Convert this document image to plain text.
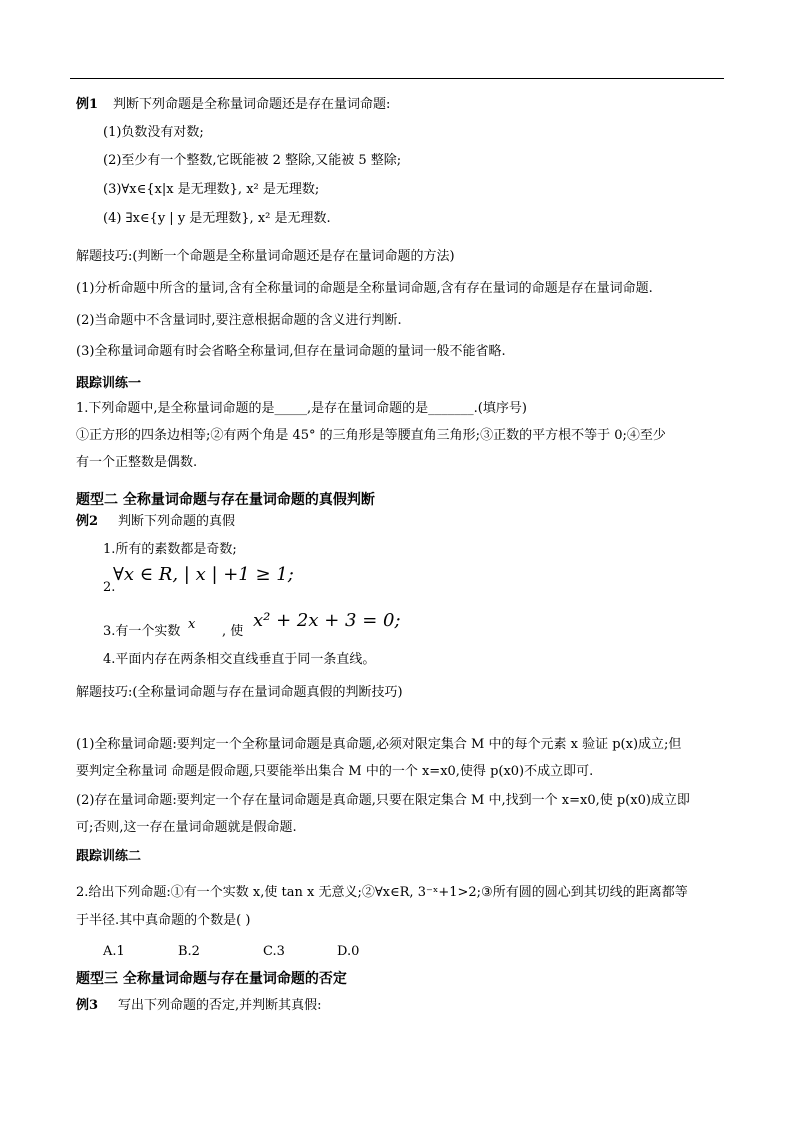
例1 判断下列命题是全称量词命题还是存在量词命题:
(1)负数没有对数;
(2)至少有一个整数,它既能被 2 整除,又能被 5 整除;
(3)∀x∈{x|x 是无理数}, x² 是无理数;
(4) ∃x∈{y | y 是无理数}, x² 是无理数.
解题技巧:(判断一个命题是全称量词命题还是存在量词命题的方法)
(1)分析命题中所含的量词,含有全称量词的命题是全称量词命题,含有存在量词的命题是存在量词命题.
(2)当命题中不含量词时,要注意根据命题的含义进行判断.
(3)全称量词命题有时会省略全称量词,但存在量词命题的量词一般不能省略.
跟踪训练一
1.下列命题中,是全称量词命题的是_____,是存在量词命题的是_______.(填序号)
①正方形的四条边相等;②有两个角是 45° 的三角形是等腰直角三角形;③正数的平方根不等于 0;④至少
有一个正整数是偶数.
题型二 全称量词命题与存在量词命题的真假判断
例2 判断下列命题的真假
1.所有的素数都是奇数;
2.
∀x ∈ R, | x | +1 ≥ 1;
3.有一个实数 x , 使
x² + 2x + 3 = 0;
4.平面内存在两条相交直线垂直于同一条直线。
解题技巧:(全称量词命题与存在量词命题真假的判断技巧)
(1)全称量词命题:要判定一个全称量词命题是真命题,必须对限定集合 M 中的每个元素 x 验证 p(x)成立;但
要判定全称量词 命题是假命题,只要能举出集合 M 中的一个 x=x0,使得 p(x0)不成立即可.
(2)存在量词命题:要判定一个存在量词命题是真命题,只要在限定集合 M 中,找到一个 x=x0,使 p(x0)成立即
可;否则,这一存在量词命题就是假命题.
跟踪训练二
2.给出下列命题:①有一个实数 x,使 tan x 无意义;②∀x∈R, 3⁻ˣ+1>2;③所有圆的圆心到其切线的距离都等
于半径.其中真命题的个数是( )
A.1	B.2	C.3	D.0
题型三 全称量词命题与存在量词命题的否定
例3 写出下列命题的否定,并判断其真假:
